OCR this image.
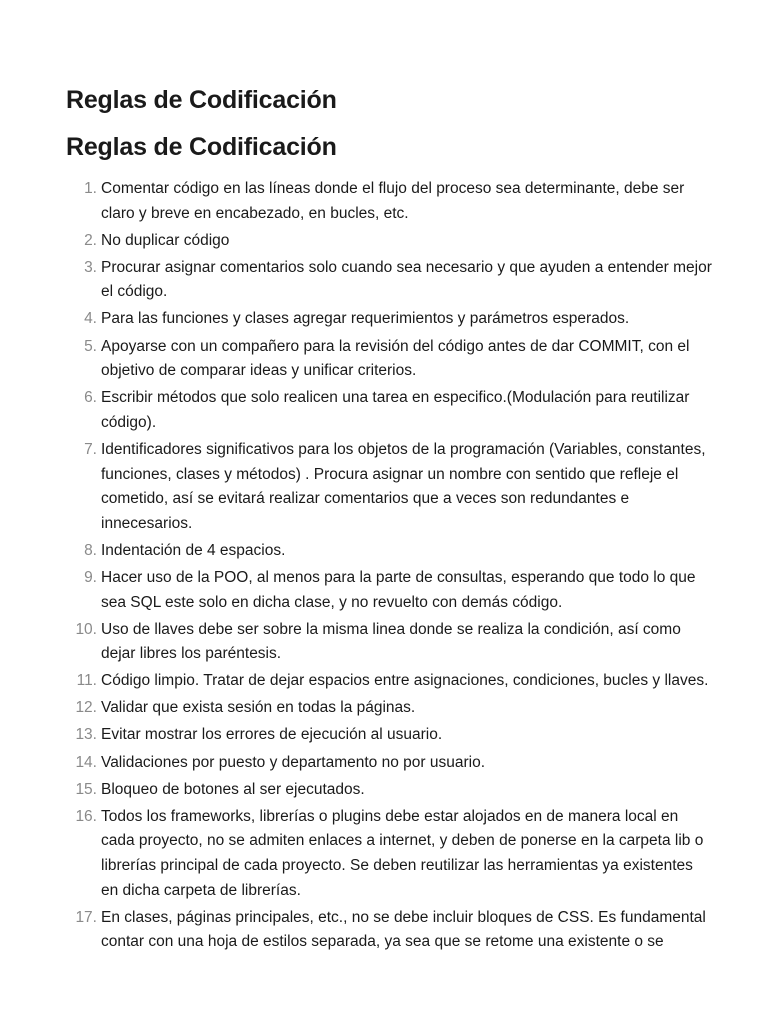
Reglas de Codificación
Reglas de Codificación
1. Comentar código en las líneas donde el flujo del proceso sea determinante, debe ser claro y breve en encabezado, en bucles, etc.
2. No duplicar código
3. Procurar asignar comentarios solo cuando sea necesario y que ayuden a entender mejor el código.
4. Para las funciones y clases agregar requerimientos y parámetros esperados.
5. Apoyarse con un compañero para la revisión del código antes de dar COMMIT, con el objetivo de comparar ideas y unificar criterios.
6. Escribir métodos que solo realicen una tarea en especifico.(Modulación para reutilizar código).
7. Identificadores significativos para los objetos de la programación (Variables, constantes, funciones, clases y métodos) . Procura asignar un nombre con sentido que refleje el cometido, así se evitará realizar comentarios que a veces son redundantes e innecesarios.
8. Indentación de 4 espacios.
9. Hacer uso de la POO, al menos para la parte de consultas, esperando que todo lo que sea SQL este solo en dicha clase, y no revuelto con demás código.
10. Uso de llaves debe ser sobre la misma linea donde se realiza la condición, así como dejar libres los paréntesis.
11. Código limpio. Tratar de dejar espacios entre asignaciones, condiciones, bucles y llaves.
12. Validar que exista sesión en todas la páginas.
13. Evitar mostrar los errores de ejecución al usuario.
14. Validaciones por puesto y departamento no por usuario.
15. Bloqueo de botones al ser ejecutados.
16. Todos los frameworks, librerías o plugins debe estar alojados en de manera local en cada proyecto, no se admiten enlaces a internet, y deben de ponerse en la carpeta lib o librerías principal de cada proyecto. Se deben reutilizar las herramientas ya existentes en dicha carpeta de librerías.
17. En clases, páginas principales, etc., no se debe incluir bloques de CSS. Es fundamental contar con una hoja de estilos separada, ya sea que se retome una existente o se
